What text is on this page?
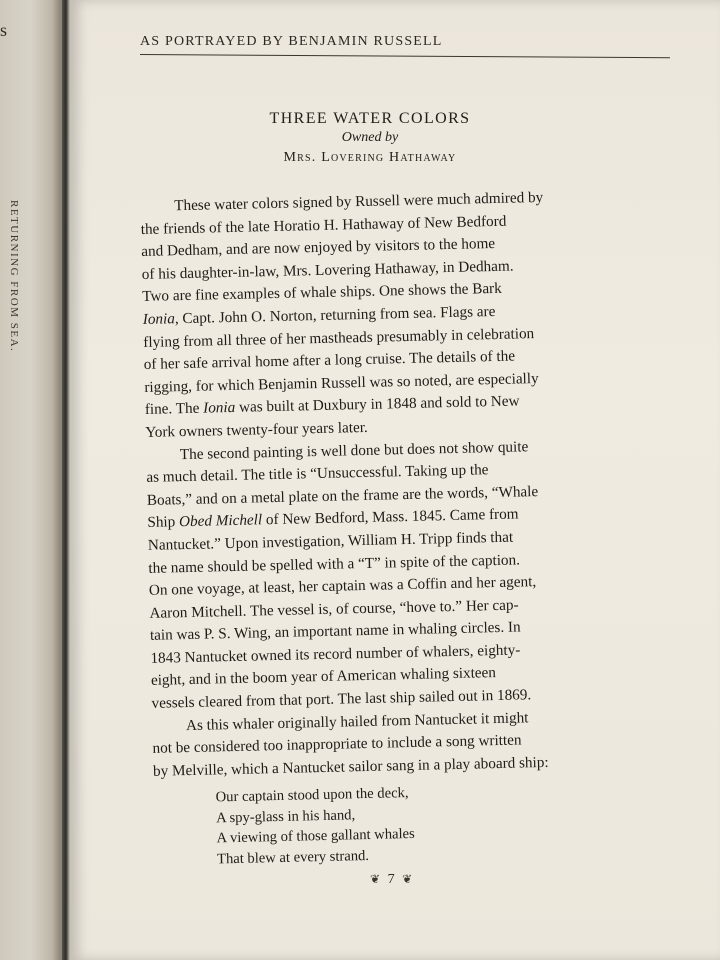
s
RETURNING FROM SEA.
AS PORTRAYED BY BENJAMIN RUSSELL
THREE WATER COLORS
Owned by
Mrs. Lovering Hathaway
These water colors signed by Russell were much admired by
the friends of the late Horatio H. Hathaway of New Bedford
and Dedham, and are now enjoyed by visitors to the home
of his daughter-in-law, Mrs. Lovering Hathaway, in Dedham.
Two are fine examples of whale ships. One shows the Bark
Ionia, Capt. John O. Norton, returning from sea. Flags are
flying from all three of her mastheads presumably in celebration
of her safe arrival home after a long cruise. The details of the
rigging, for which Benjamin Russell was so noted, are especially
fine. The Ionia was built at Duxbury in 1848 and sold to New
York owners twenty-four years later.
The second painting is well done but does not show quite
as much detail. The title is “Unsuccessful. Taking up the
Boats,” and on a metal plate on the frame are the words, “Whale
Ship Obed Michell of New Bedford, Mass. 1845. Came from
Nantucket.” Upon investigation, William H. Tripp finds that
the name should be spelled with a “T” in spite of the caption.
On one voyage, at least, her captain was a Coffin and her agent,
Aaron Mitchell. The vessel is, of course, “hove to.” Her cap-
tain was P. S. Wing, an important name in whaling circles. In
1843 Nantucket owned its record number of whalers, eighty-
eight, and in the boom year of American whaling sixteen
vessels cleared from that port. The last ship sailed out in 1869.
As this whaler originally hailed from Nantucket it might
not be considered too inappropriate to include a song written
by Melville, which a Nantucket sailor sang in a play aboard ship:
Our captain stood upon the deck,
A spy-glass in his hand,
A viewing of those gallant whales
That blew at every strand.
❦ 7 ❦
